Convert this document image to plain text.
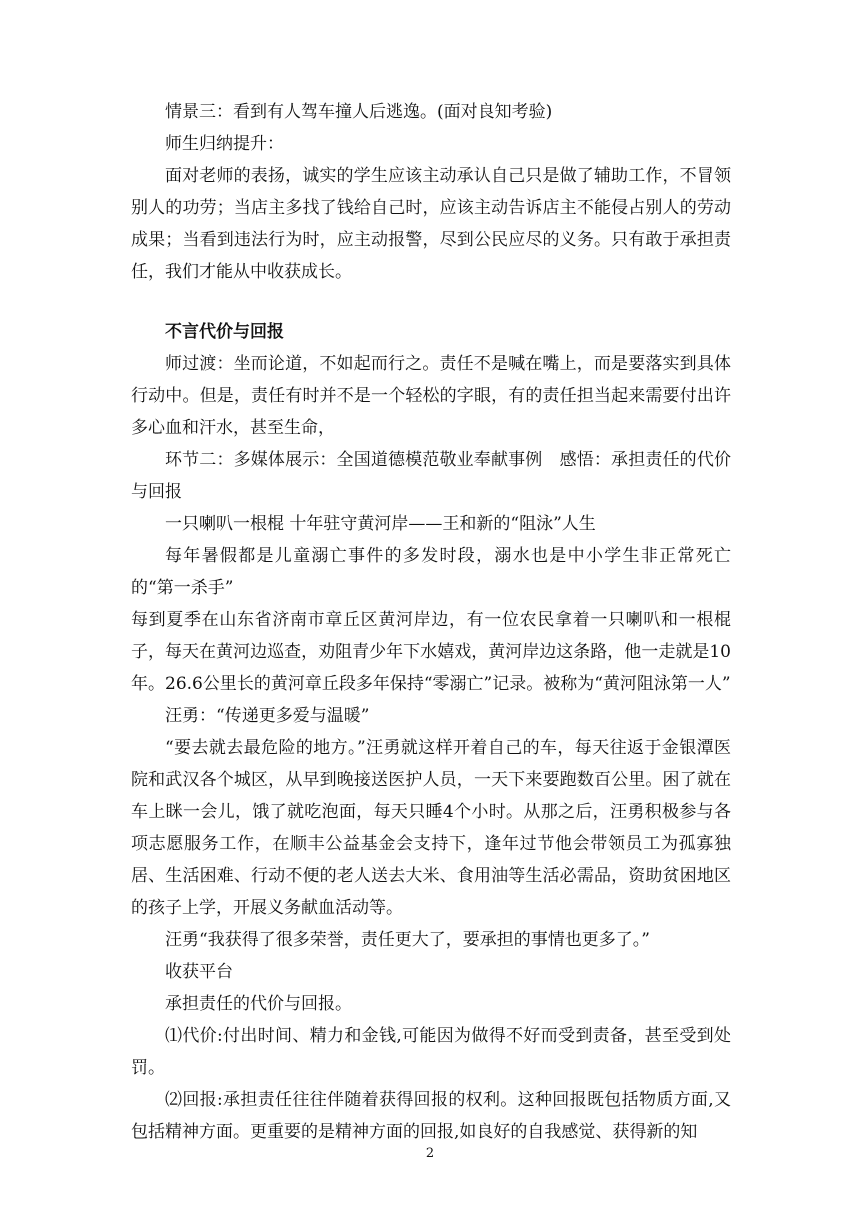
情景三：看到有人驾车撞人后逃逸。(面对良知考验)

师生归纳提升：

面对老师的表扬，诚实的学生应该主动承认自己只是做了辅助工作，不冒领别人的功劳；当店主多找了钱给自己时，应该主动告诉店主不能侵占别人的劳动成果；当看到违法行为时，应主动报警，尽到公民应尽的义务。只有敢于承担责任，我们才能从中收获成长。

不言代价与回报

师过渡：坐而论道，不如起而行之。责任不是喊在嘴上，而是要落实到具体行动中。但是，责任有时并不是一个轻松的字眼，有的责任担当起来需要付出许多心血和汗水，甚至生命，

环节二：多媒体展示：全国道德模范敬业奉献事例　感悟：承担责任的代价与回报

一只喇叭一根棍 十年驻守黄河岸——王和新的“阻泳”人生

每年暑假都是儿童溺亡事件的多发时段，溺水也是中小学生非正常死亡的“第一杀手”

每到夏季在山东省济南市章丘区黄河岸边，有一位农民拿着一只喇叭和一根棍子，每天在黄河边巡查，劝阻青少年下水嬉戏，黄河岸边这条路，他一走就是10年。26.6公里长的黄河章丘段多年保持“零溺亡”记录。被称为“黄河阻泳第一人”

汪勇：“传递更多爱与温暖”

“要去就去最危险的地方。”汪勇就这样开着自己的车，每天往返于金银潭医院和武汉各个城区，从早到晚接送医护人员，一天下来要跑数百公里。困了就在车上眯一会儿，饿了就吃泡面，每天只睡4个小时。从那之后，汪勇积极参与各项志愿服务工作，在顺丰公益基金会支持下，逢年过节他会带领员工为孤寡独居、生活困难、行动不便的老人送去大米、食用油等生活必需品，资助贫困地区的孩子上学，开展义务献血活动等。

汪勇“我获得了很多荣誉，责任更大了，要承担的事情也更多了。”

收获平台

承担责任的代价与回报。

⑴代价:付出时间、精力和金钱,可能因为做得不好而受到责备，甚至受到处罚。

⑵回报:承担责任往往伴随着获得回报的权利。这种回报既包括物质方面,又包括精神方面。更重要的是精神方面的回报,如良好的自我感觉、获得新的知

2
